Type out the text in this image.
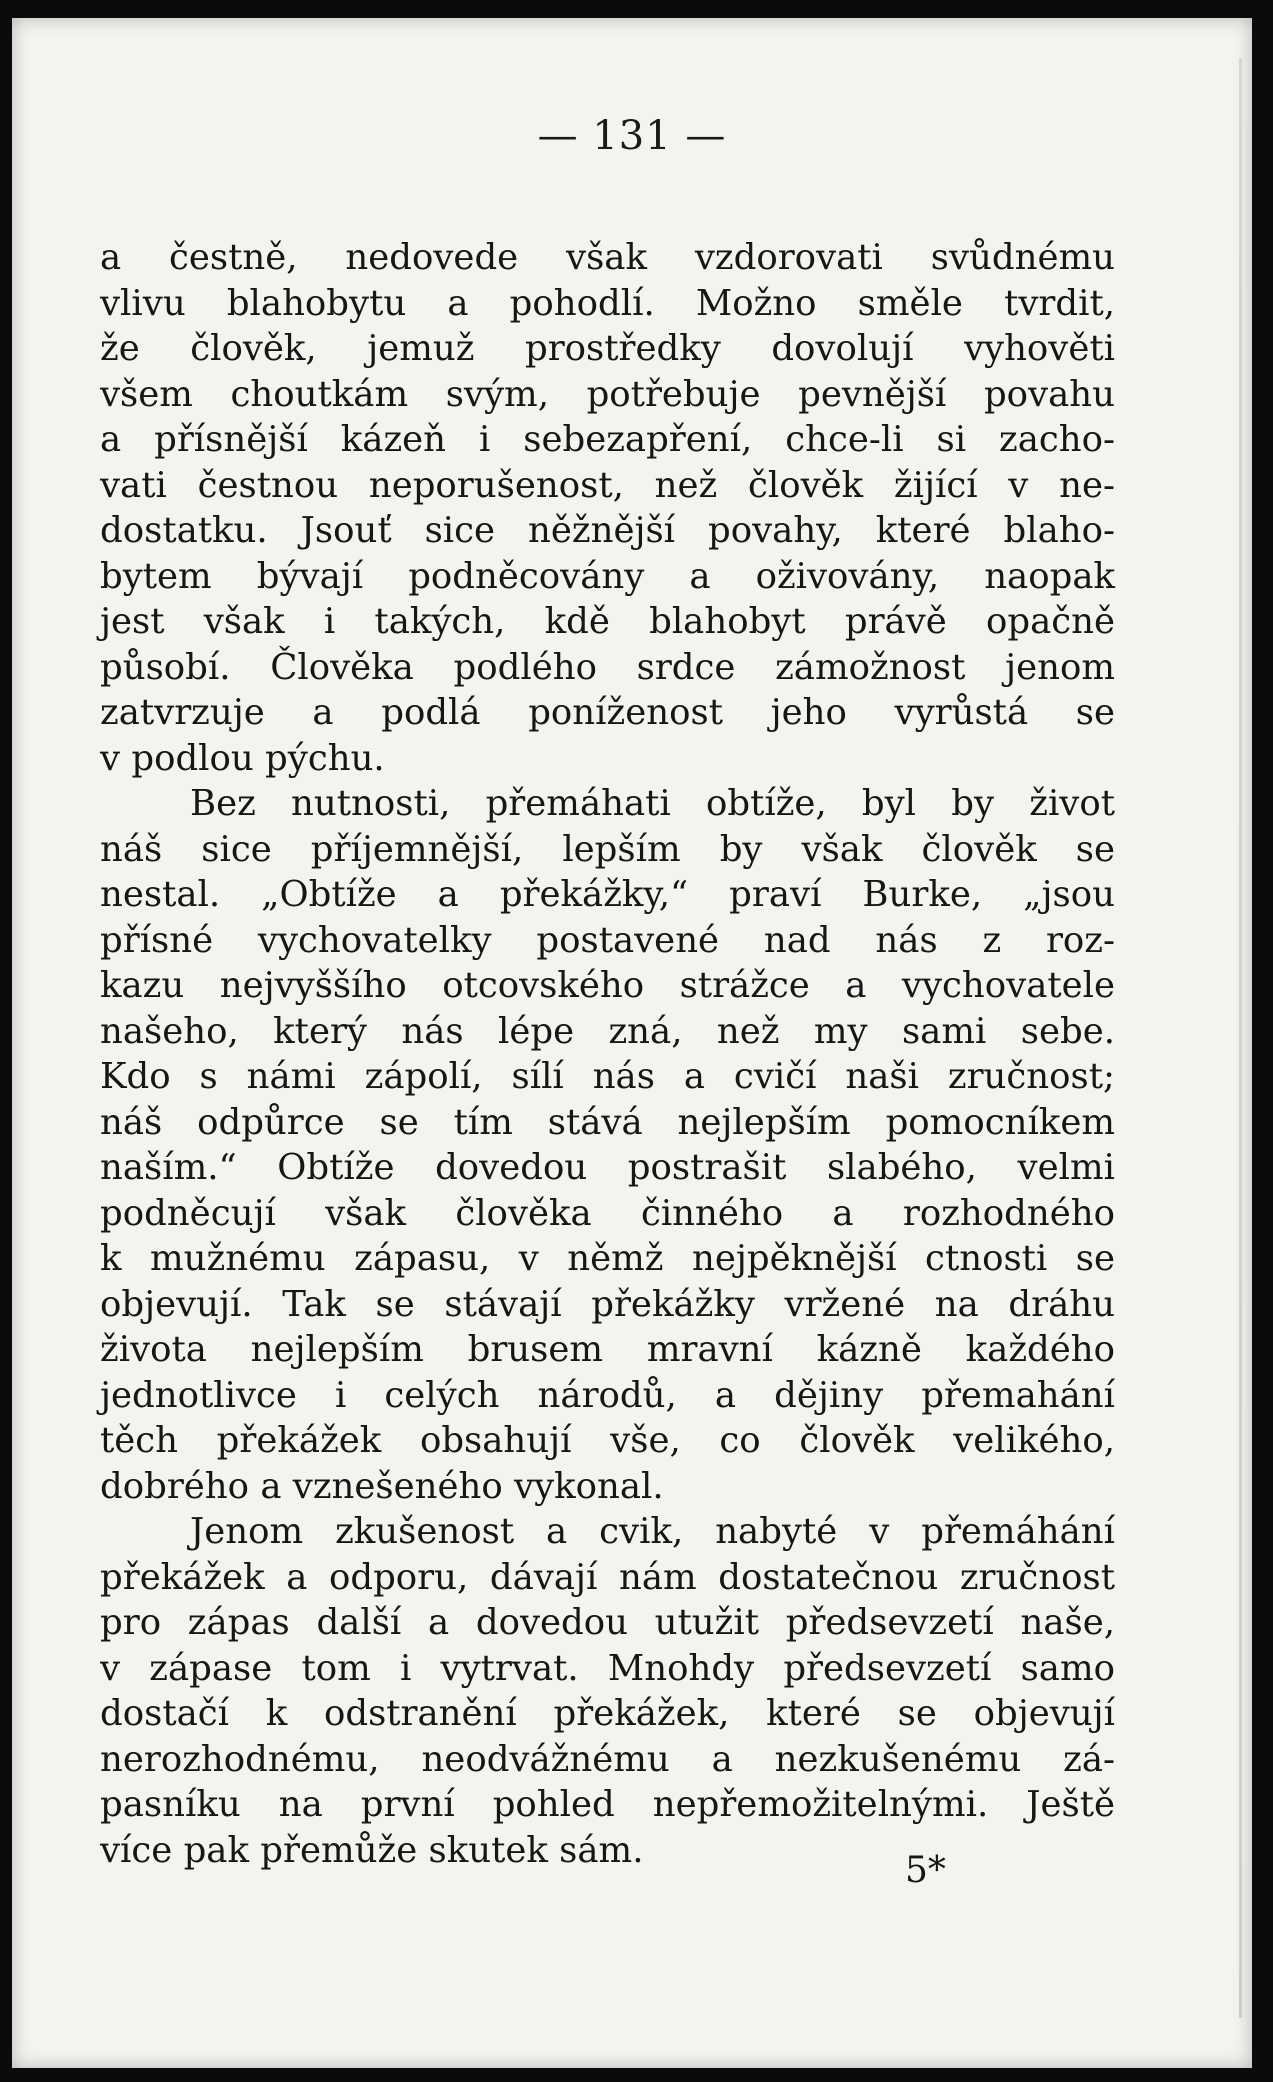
— 131 —
a čestně, nedovede však vzdorovati svůdnému
vlivu blahobytu a pohodlí. Možno směle tvrdit,
že člověk, jemuž prostředky dovolují vyhověti
všem choutkám svým, potřebuje pevnější povahu
a přísnější kázeň i sebezapření, chce-li si zacho-
vati čestnou neporušenost, než člověk žijící v ne-
dostatku. Jsouť sice něžnější povahy, které blaho-
bytem bývají podněcovány a oživovány, naopak
jest však i takých, kdě blahobyt právě opačně
působí. Člověka podlého srdce zámožnost jenom
zatvrzuje a podlá poníženost jeho vyrůstá se
v podlou pýchu.
Bez nutnosti, přemáhati obtíže, byl by život
náš sice příjemnější, lepším by však člověk se
nestal. „Obtíže a překážky,“ praví Burke, „jsou
přísné vychovatelky postavené nad nás z roz-
kazu nejvyššího otcovského strážce a vychovatele
našeho, který nás lépe zná, než my sami sebe.
Kdo s námi zápolí, sílí nás a cvičí naši zručnost;
náš odpůrce se tím stává nejlepším pomocníkem
naším.“ Obtíže dovedou postrašit slabého, velmi
podněcují však člověka činného a rozhodného
k mužnému zápasu, v němž nejpěknější ctnosti se
objevují. Tak se stávají překážky vržené na dráhu
života nejlepším brusem mravní kázně každého
jednotlivce i celých národů, a dějiny přemahání
těch překážek obsahují vše, co člověk velikého,
dobrého a vznešeného vykonal.
Jenom zkušenost a cvik, nabyté v přemáhání
překážek a odporu, dávají nám dostatečnou zručnost
pro zápas další a dovedou utužit předsevzetí naše,
v zápase tom i vytrvat. Mnohdy předsevzetí samo
dostačí k odstranění překážek, které se objevují
nerozhodnému, neodvážnému a nezkušenému zá-
pasníku na první pohled nepřemožitelnými. Ještě
více pak přemůže skutek sám.	5*
